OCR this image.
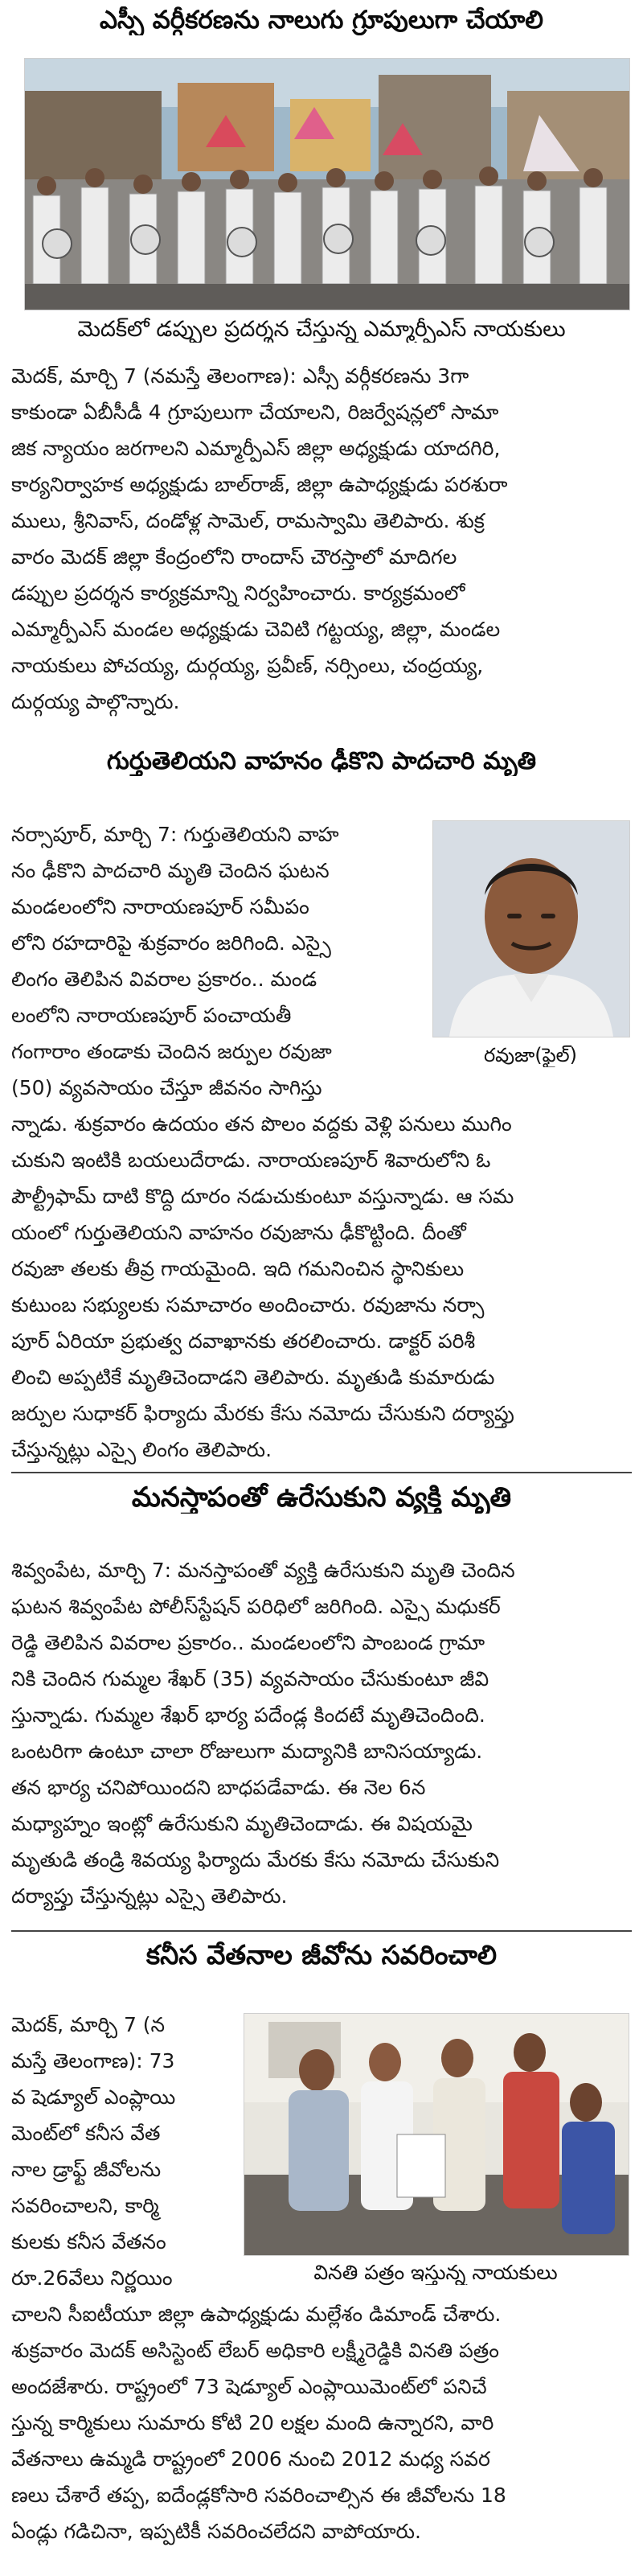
ఎస్సీ వర్గీకరణను నాలుగు గ్రూపులుగా చేయాలి
మెదక్‌లో డప్పుల ప్రదర్శన చేస్తున్న ఎమ్మార్పీఎస్ నాయకులు
మెదక్, మార్చి 7 (నమస్తే తెలంగాణ): ఎస్సీ వర్గీకరణను 3గా
కాకుండా ఏబీసీడీ 4 గ్రూపులుగా చేయాలని, రిజర్వేషన్లలో సామా
జిక న్యాయం జరగాలని ఎమ్మార్పీఎస్ జిల్లా అధ్యక్షుడు యాదగిరి,
కార్యనిర్వాహక అధ్యక్షుడు బాల్‌రాజ్, జిల్లా ఉపాధ్యక్షుడు పరశురా
ములు, శ్రీనివాస్, దండోళ్ల సామెల్, రామస్వామి తెలిపారు. శుక్ర
వారం మెదక్ జిల్లా కేంద్రంలోని రాందాస్ చౌరస్తాలో మాదిగల
డప్పుల ప్రదర్శన కార్యక్రమాన్ని నిర్వహించారు. కార్యక్రమంలో
ఎమ్మార్పీఎస్ మండల అధ్యక్షుడు చెవిటి గట్టయ్య, జిల్లా, మండల
నాయకులు పోచయ్య, దుర్గయ్య, ప్రవీణ్, నర్సింలు, చంద్రయ్య,
దుర్గయ్య పాల్గొన్నారు.
గుర్తుతెలియని వాహనం ఢీకొని పాదచారి మృతి
నర్సాపూర్, మార్చి 7: గుర్తుతెలియని వాహ
నం ఢీకొని పాదచారి మృతి చెందిన ఘటన
మండలంలోని నారాయణపూర్ సమీపం
లోని రహదారిపై శుక్రవారం జరిగింది. ఎస్సై
లింగం తెలిపిన వివరాల ప్రకారం.. మండ
లంలోని నారాయణపూర్ పంచాయతీ
గంగారాం తండాకు చెందిన జర్పుల రవుజా
(50) వ్యవసాయం చేస్తూ జీవనం సాగిస్తు
రవుజా(ఫైల్)
న్నాడు. శుక్రవారం ఉదయం తన పొలం వద్దకు వెళ్లి పనులు ముగిం
చుకుని ఇంటికి బయలుదేరాడు. నారాయణపూర్ శివారులోని ఓ
పౌల్ట్రీఫామ్ దాటి కొద్ది దూరం నడుచుకుంటూ వస్తున్నాడు. ఆ సమ
యంలో గుర్తుతెలియని వాహనం రవుజాను ఢీకొట్టింది. దీంతో
రవుజా తలకు తీవ్ర గాయమైంది. ఇది గమనించిన స్థానికులు
కుటుంబ సభ్యులకు సమాచారం అందించారు. రవుజాను నర్సా
పూర్ ఏరియా ప్రభుత్వ దవాఖానకు తరలించారు. డాక్టర్ పరిశీ
లించి అప్పటికే మృతిచెందాడని తెలిపారు. మృతుడి కుమారుడు
జర్పుల సుధాకర్ ఫిర్యాదు మేరకు కేసు నమోదు చేసుకుని దర్యాప్తు
చేస్తున్నట్లు ఎస్సై లింగం తెలిపారు.
మనస్తాపంతో ఉరేసుకుని వ్యక్తి మృతి
శివ్వంపేట, మార్చి 7: మనస్తాపంతో వ్యక్తి ఉరేసుకుని మృతి చెందిన
ఘటన శివ్వంపేట పోలీస్‌స్టేషన్ పరిధిలో జరిగింది. ఎస్సై మధుకర్
రెడ్డి తెలిపిన వివరాల ప్రకారం.. మండలంలోని పాంబండ గ్రామా
నికి చెందిన గుమ్మల శేఖర్ (35) వ్యవసాయం చేసుకుంటూ జీవి
స్తున్నాడు. గుమ్మల శేఖర్ భార్య పదేండ్ల కిందటే మృతిచెందింది.
ఒంటరిగా ఉంటూ చాలా రోజులుగా మద్యానికి బానిసయ్యాడు.
తన భార్య చనిపోయిందని బాధపడేవాడు. ఈ నెల 6న
మధ్యాహ్నం ఇంట్లో ఉరేసుకుని మృతిచెందాడు. ఈ విషయమై
మృతుడి తండ్రి శివయ్య ఫిర్యాదు మేరకు కేసు నమోదు చేసుకుని
దర్యాప్తు చేస్తున్నట్లు ఎస్సై తెలిపారు.
కనీస వేతనాల జీవోను సవరించాలి
మెదక్, మార్చి 7 (న
మస్తే తెలంగాణ): 73
వ షెడ్యూల్ ఎంప్లాయి
మెంట్‌లో కనీస వేత
నాల డ్రాఫ్ట్ జీవోలను
సవరించాలని, కార్మి
కులకు కనీస వేతనం
రూ.26వేలు నిర్ణయిం	వినతి పత్రం ఇస్తున్న నాయకులు
చాలని సీఐటీయూ జిల్లా ఉపాధ్యక్షుడు మల్లేశం డిమాండ్ చేశారు.
శుక్రవారం మెదక్ అసిస్టెంట్ లేబర్ అధికారి లక్ష్మీరెడ్డికి వినతి పత్రం
అందజేశారు. రాష్ట్రంలో 73 షెడ్యూల్ ఎంప్లాయిమెంట్‌లో పనిచే
స్తున్న కార్మికులు సుమారు కోటి 20 లక్షల మంది ఉన్నారని, వారి
వేతనాలు ఉమ్మడి రాష్ట్రంలో 2006 నుంచి 2012 మధ్య సవర
ణలు చేశారే తప్ప, ఐదేండ్లకోసారి సవరించాల్సిన ఈ జీవోలను 18
ఏండ్లు గడిచినా, ఇప్పటికీ సవరించలేదని వాపోయారు.
